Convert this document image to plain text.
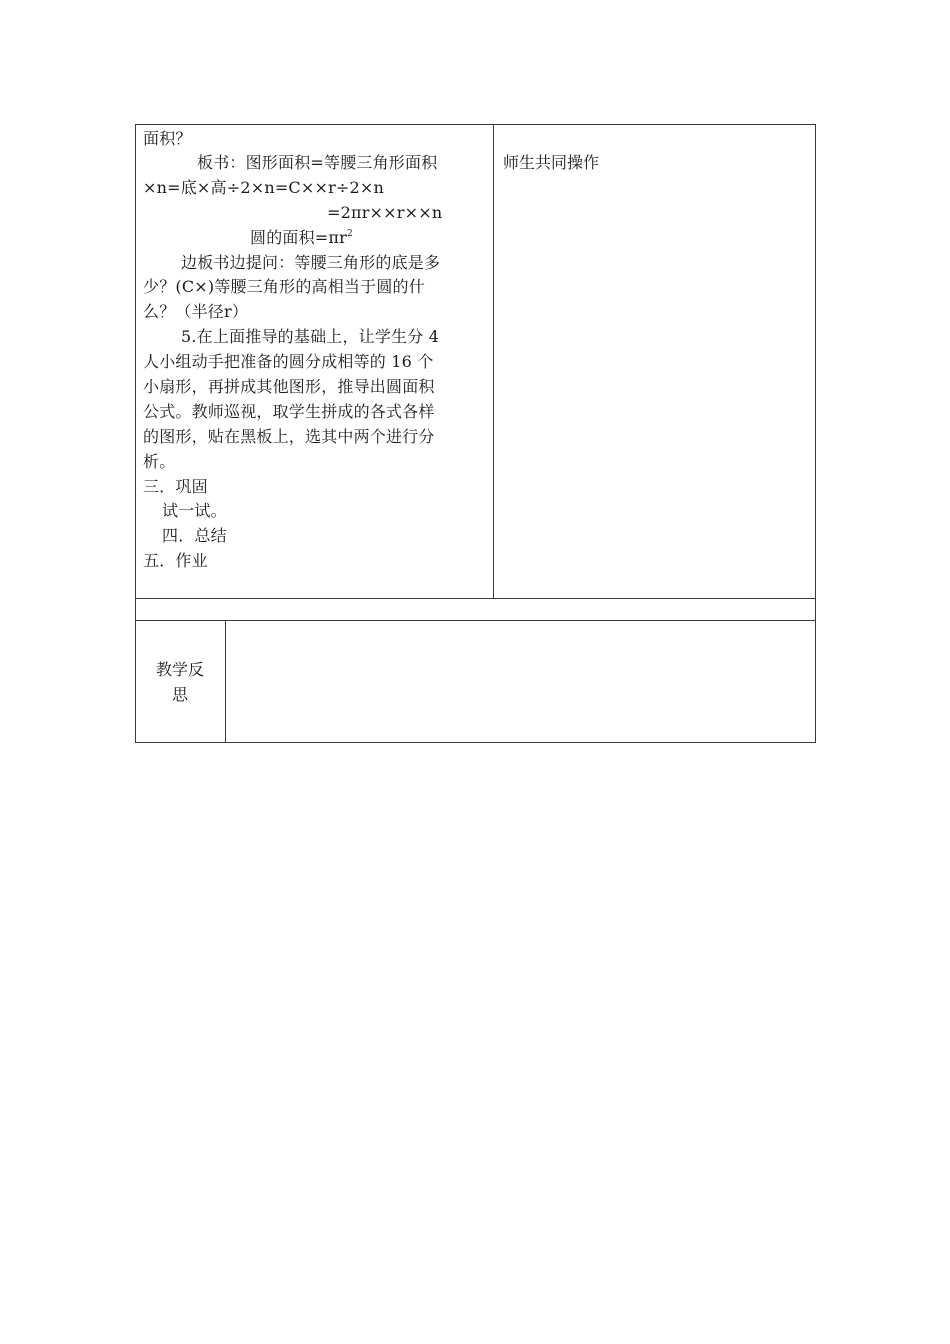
面积？
板书：图形面积=等腰三角形面积
×n=底×高÷2×n=C××r÷2×n
=2πr××r××n
圆的面积$=\pi r^2$
边板书边提问：等腰三角形的底是多
少？(C×)等腰三角形的高相当于圆的什
么？（半径r）
5.在上面推导的基础上，让学生分 4
人小组动手把准备的圆分成相等的 16 个
小扇形，再拼成其他图形，推导出圆面积
公式。教师巡视，取学生拼成的各式各样
的图形，贴在黑板上，选其中两个进行分
析。
三．巩固
试一试。
四．总结
五．作业
师生共同操作
教学反
思
